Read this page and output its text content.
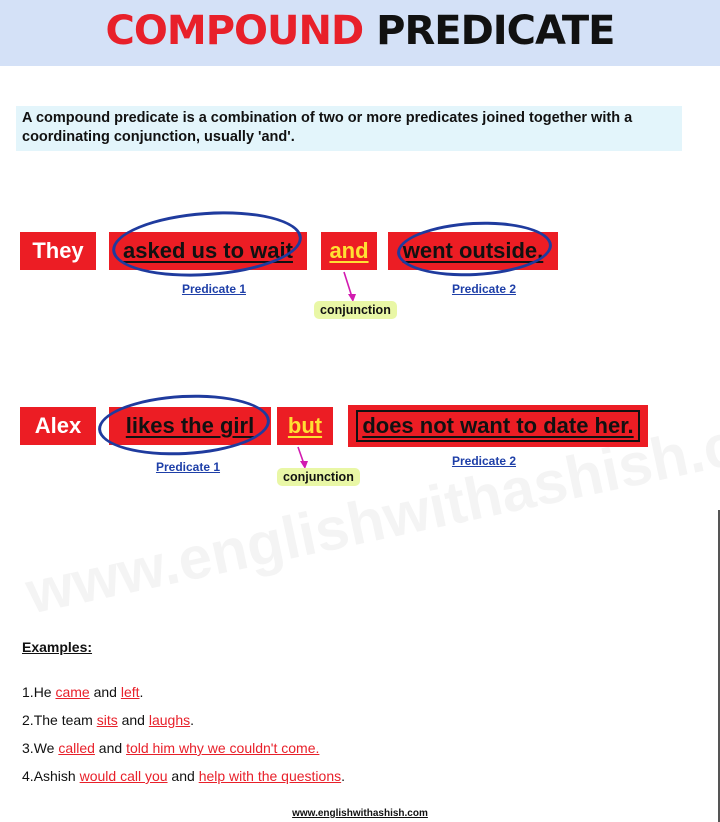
COMPOUND PREDICATE
A compound predicate is a combination of two or more predicates joined together with a coordinating conjunction, usually 'and'.
They asked us to wait and went outside.
Predicate 1	Predicate 2
conjunction
Alex likes the girl but does not want to date her.
Predicate 1	Predicate 2
conjunction
Examples:
1.He came and left.
2.The team sits and laughs.
3.We called and told him why we couldn't come.
4.Ashish would call you and help with the questions.
www.englishwithashish.com
